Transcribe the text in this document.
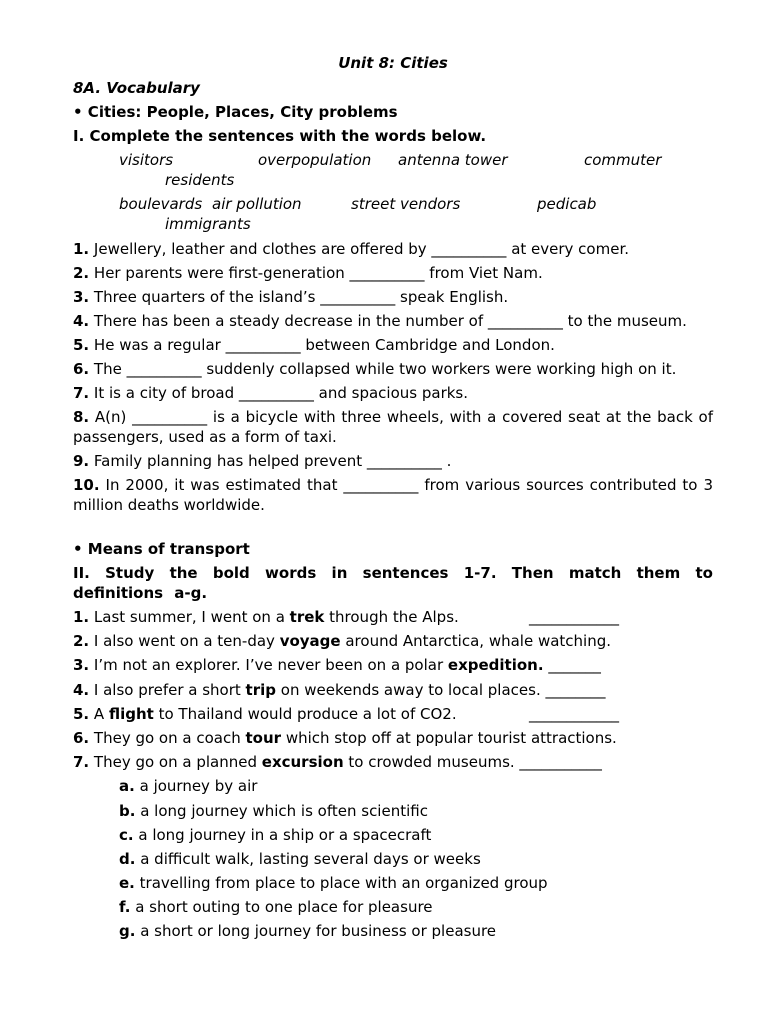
Unit 8: Cities
8A. Vocabulary
• Cities: People, Places, City problems
I. Complete the sentences with the words below.
visitors	overpopulation antenna tower	commuter
residents
boulevards air pollution	street vendors	pedicab
immigrants
1. Jewellery, leather and clothes are offered by __________ at every comer.
2. Her parents were first-generation __________ from Viet Nam.
3. Three quarters of the island’s __________ speak English.
4. There has been a steady decrease in the number of __________ to the museum.
5. He was a regular __________ between Cambridge and London.
6. The __________ suddenly collapsed while two workers were working high on it.
7. It is a city of broad __________ and spacious parks.
8. A(n) __________ is a bicycle with three wheels, with a covered seat at the back of passengers, used as a form of taxi.
9. Family planning has helped prevent __________ .
10. In 2000, it was estimated that __________ from various sources contributed to 3 million deaths worldwide.
• Means of transport
II. Study the bold words in sentences 1-7. Then match them to definitions a-g.
1. Last summer, I went on a trek through the Alps.	____________
2. I also went on a ten-day voyage around Antarctica, whale watching.
3. I’m not an explorer. I’ve never been on a polar expedition. _______
4. I also prefer a short trip on weekends away to local places. ________
5. A flight to Thailand would produce a lot of CO2.	____________
6. They go on a coach tour which stop off at popular tourist attractions.
7. They go on a planned excursion to crowded museums. ___________
a. a journey by air
b. a long journey which is often scientific
c. a long journey in a ship or a spacecraft
d. a difficult walk, lasting several days or weeks
e. travelling from place to place with an organized group
f. a short outing to one place for pleasure
g. a short or long journey for business or pleasure
